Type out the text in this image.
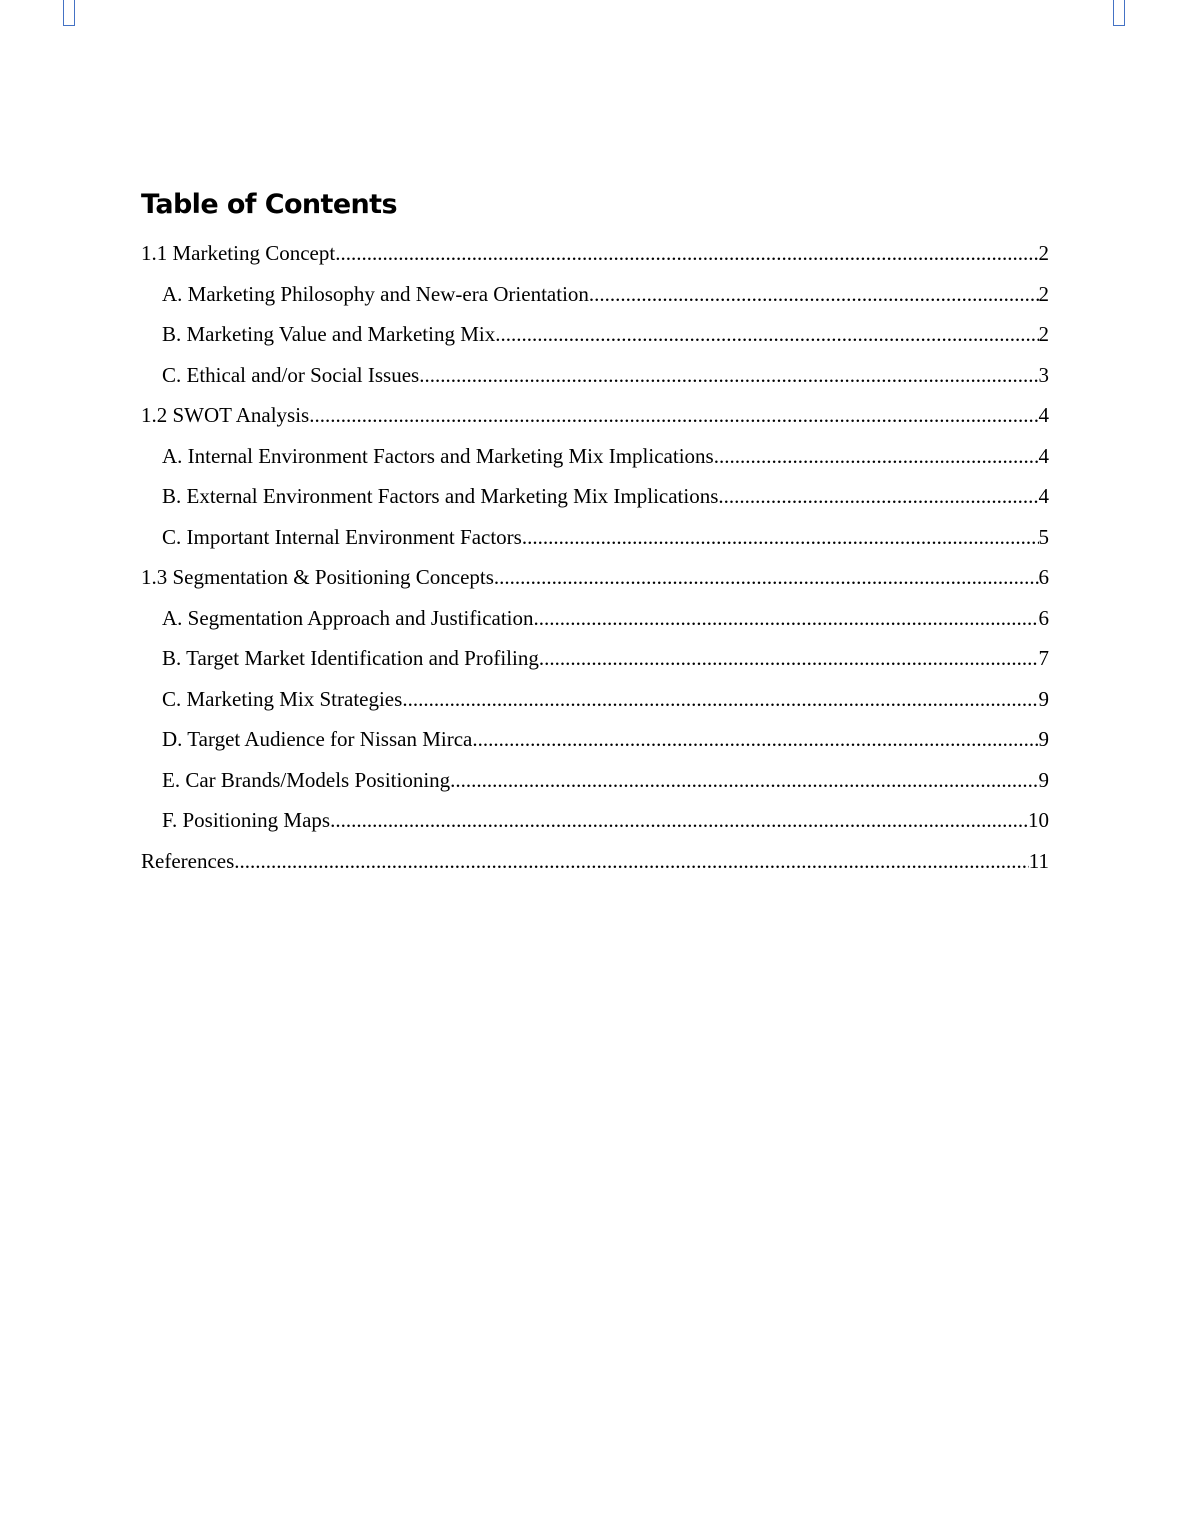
Table of Contents
1.1 Marketing Concept .....	2
A. Marketing Philosophy and New-era Orientation .....	2
B. Marketing Value and Marketing Mix .....	2
C. Ethical and/or Social Issues .....	3
1.2 SWOT Analysis .....	4
A. Internal Environment Factors and Marketing Mix Implications .....	4
B. External Environment Factors and Marketing Mix Implications .....	4
C. Important Internal Environment Factors .....	5
1.3 Segmentation & Positioning Concepts .....	6
A. Segmentation Approach and Justification .....	6
B. Target Market Identification and Profiling .....	7
C. Marketing Mix Strategies .....	9
D. Target Audience for Nissan Mirca .....	9
E. Car Brands/Models Positioning .....	9
F. Positioning Maps .....	10
References .....	11
